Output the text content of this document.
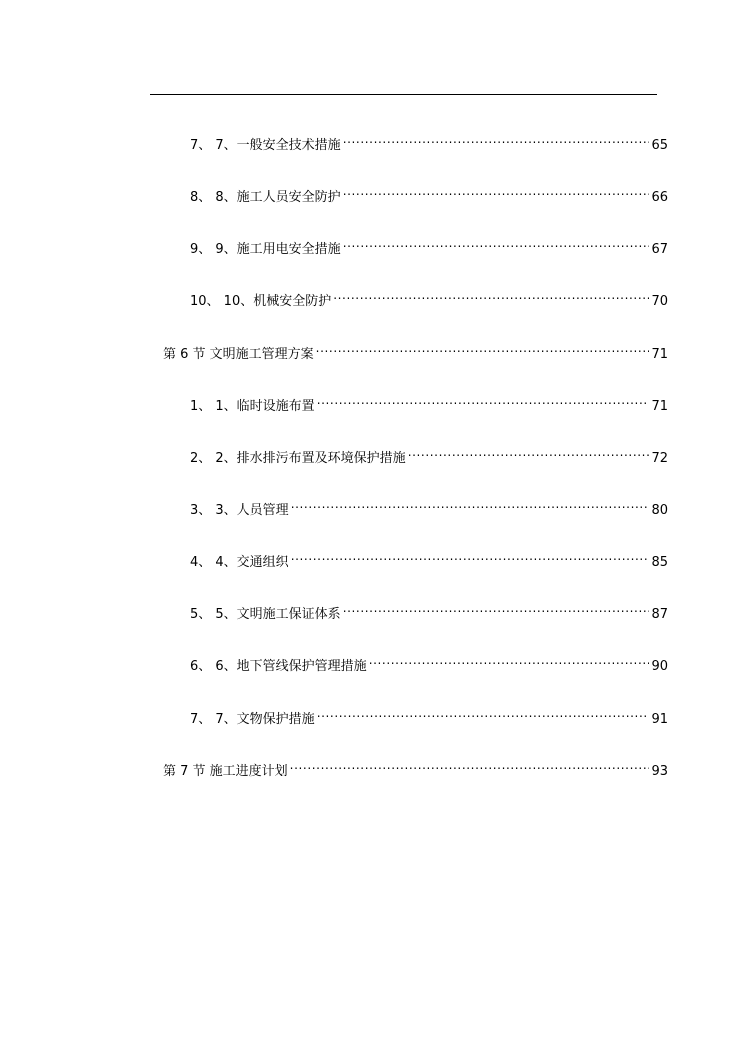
7、 7、一般安全技术措施 .....	65
8、 8、施工人员安全防护 .....	66
9、 9、施工用电安全措施 .....	67
10、 10、机械安全防护 .....	70
第 6 节 文明施工管理方案 .....	71
1、 1、临时设施布置 .....	71
2、 2、排水排污布置及环境保护措施 .....	72
3、 3、人员管理 .....	80
4、 4、交通组织 .....	85
5、 5、文明施工保证体系 .....	87
6、 6、地下管线保护管理措施 .....	90
7、 7、文物保护措施 .....	91
第 7 节 施工进度计划 .....	93
